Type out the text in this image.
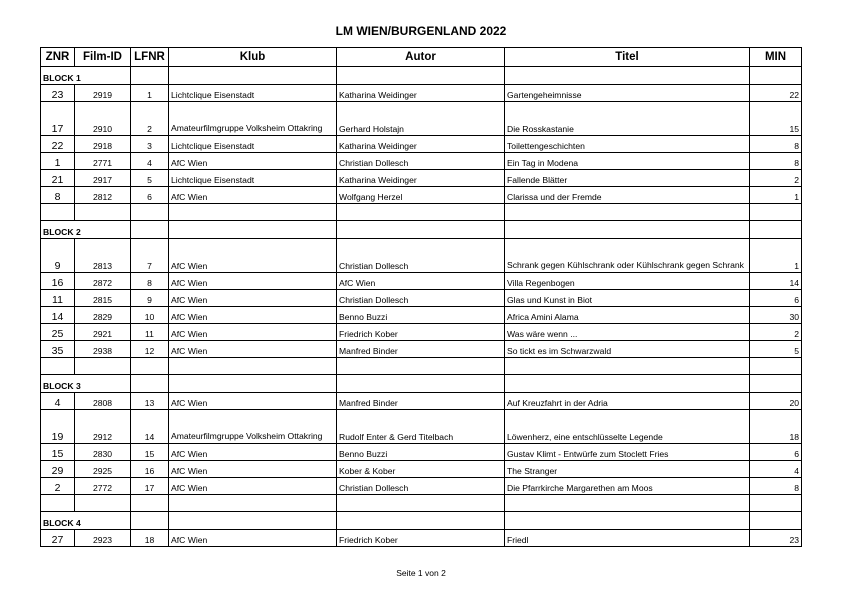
LM WIEN/BURGENLAND 2022
ZNR	Film-ID	LFNR	Klub	Autor	Titel	MIN
BLOCK 1						
23	2919	1	Lichtclique Eisenstadt	Katharina Weidinger	Gartengeheimnisse	22
17	2910	2	Amateurfilmgruppe Volksheim Ottakring	Gerhard Holstajn	Die Rosskastanie	15
22	2918	3	Lichtclique Eisenstadt	Katharina Weidinger	Toilettengeschichten	8
1	2771	4	AfC Wien	Christian Dollesch	Ein Tag in Modena	8
21	2917	5	Lichtclique Eisenstadt	Katharina Weidinger	Fallende Blätter	2
8	2812	6	AfC Wien	Wolfgang Herzel	Clarissa und der Fremde	1

BLOCK 2						
9	2813	7	AfC Wien	Christian Dollesch	Schrank gegen Kühlschrank oder Kühlschrank gegen Schrank	1
16	2872	8	AfC Wien	AfC Wien	Villa Regenbogen	14
11	2815	9	AfC Wien	Christian Dollesch	Glas und Kunst in Biot	6
14	2829	10	AfC Wien	Benno Buzzi	Africa Amini Alama	30
25	2921	11	AfC Wien	Friedrich Kober	Was wäre wenn ...	2
35	2938	12	AfC Wien	Manfred Binder	So tickt es im Schwarzwald	5

BLOCK 3						
4	2808	13	AfC Wien	Manfred Binder	Auf Kreuzfahrt in der Adria	20
19	2912	14	Amateurfilmgruppe Volksheim Ottakring	Rudolf Enter & Gerd Titelbach	Löwenherz, eine entschlüsselte Legende	18
15	2830	15	AfC Wien	Benno Buzzi	Gustav Klimt - Entwürfe zum Stoclett Fries	6
29	2925	16	AfC Wien	Kober & Kober	The Stranger	4
2	2772	17	AfC Wien	Christian Dollesch	Die Pfarrkirche Margarethen am Moos	8

BLOCK 4						
27	2923	18	AfC Wien	Friedrich Kober	Friedl	23
Seite 1 von 2
